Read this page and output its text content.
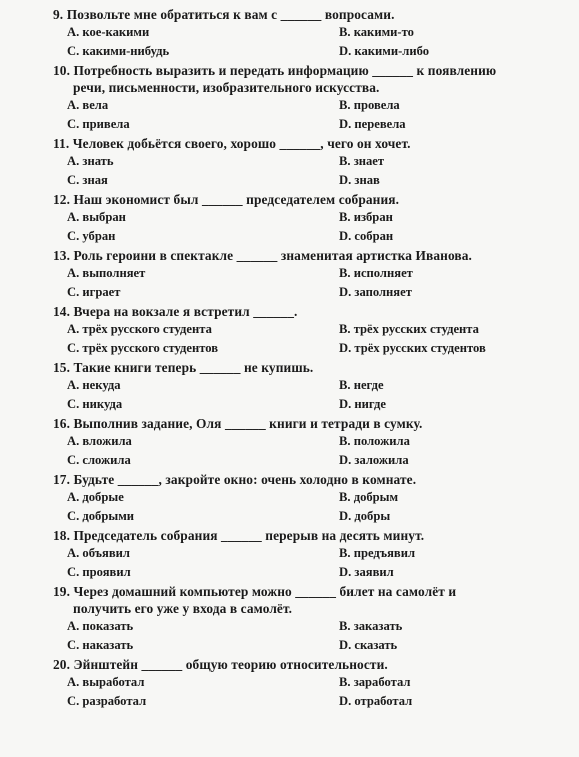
9. Позвольте мне обратиться к вам с ______ вопросами.
A. кое-какими	B. какими-то
C. какими-нибудь	D. какими-либо
10. Потребность выразить и передать информацию ______ к появлению
речи, письменности, изобразительного искусства.
A. вела	B. провела
C. привела	D. перевела
11. Человек добьётся своего, хорошо ______, чего он хочет.
A. знать	B. знает
C. зная	D. знав
12. Наш экономист был ______ председателем собрания.
A. выбран	B. избран
C. убран	D. собран
13. Роль героини в спектакле ______ знаменитая артистка Иванова.
A. выполняет	B. исполняет
C. играет	D. заполняет
14. Вчера на вокзале я встретил ______.
A. трёх русского студента	B. трёх русских студента
C. трёх русского студентов	D. трёх русских студентов
15. Такие книги теперь ______ не купишь.
A. некуда	B. негде
C. никуда	D. нигде
16. Выполнив задание, Оля ______ книги и тетради в сумку.
A. вложила	B. положила
C. сложила	D. заложила
17. Будьте ______, закройте окно: очень холодно в комнате.
A. добрые	B. добрым
C. добрыми	D. добры
18. Председатель собрания ______ перерыв на десять минут.
A. объявил	B. предъявил
C. проявил	D. заявил
19. Через домашний компьютер можно ______ билет на самолёт и
получить его уже у входа в самолёт.
A. показать	B. заказать
C. наказать	D. сказать
20. Эйнштейн ______ общую теорию относительности.
A. выработал	B. заработал
C. разработал	D. отработал
